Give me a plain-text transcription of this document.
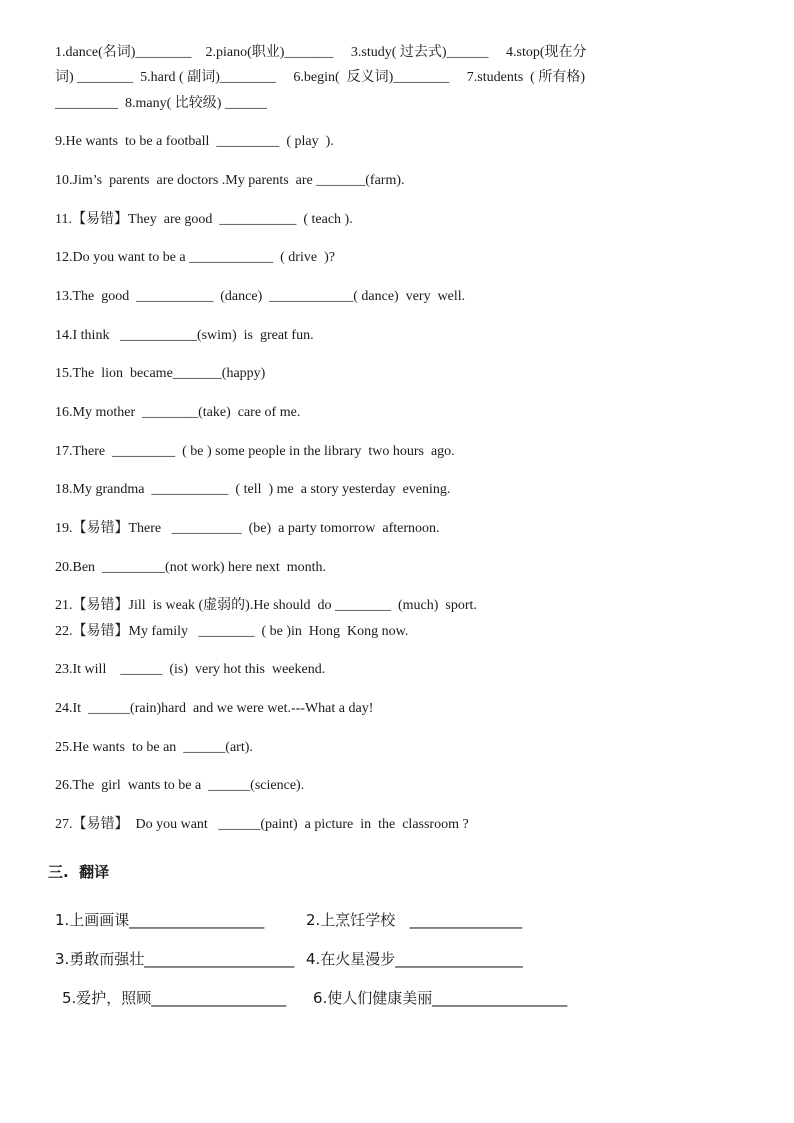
1.dance(名词)________    2.piano(职业)_______     3.study( 过去式)______     4.stop(现在分
词) ________  5.hard ( 副词)________     6.begin(  反义词)________     7.students  ( 所有格)
_________  8.many( 比较级) ______
9.He wants  to be a football  _________  ( play  ).
10.Jim’s  parents  are doctors .My parents  are _______(farm).
11.【易错】They  are good  ___________  ( teach ).
12.Do you want to be a ____________  ( drive  )?
13.The  good  ___________  (dance)  ____________( dance)  very  well.
14.I think   ___________(swim)  is  great fun.
15.The  lion  became_______(happy)
16.My mother  ________(take)  care of me.
17.There  _________  ( be ) some people in the library  two hours  ago.
18.My grandma  ___________  ( tell  ) me  a story yesterday  evening.
19.【易错】There   __________  (be)  a party tomorrow  afternoon.
20.Ben  _________(not work) here next  month.
21.【易错】Jill  is weak (虚弱的).He should  do ________  (much)  sport.
22.【易错】My family   ________  ( be )in  Hong  Kong now.
23.It will    ______  (is)  very hot this  weekend.
24.It  ______(rain)hard  and we were wet.---What a day!
25.He wants  to be an  ______(art).
26.The  girl  wants to be a  ______(science).
27.【易错】  Do you want   ______(paint)  a picture  in  the  classroom ?
三.  翻译
1.上画画课__________________	2.上烹饪学校   _______________
3.勇敢而强壮____________________ 4.在火星漫步_________________
5.爱护，照顾__________________ 6.使人们健康美丽__________________
